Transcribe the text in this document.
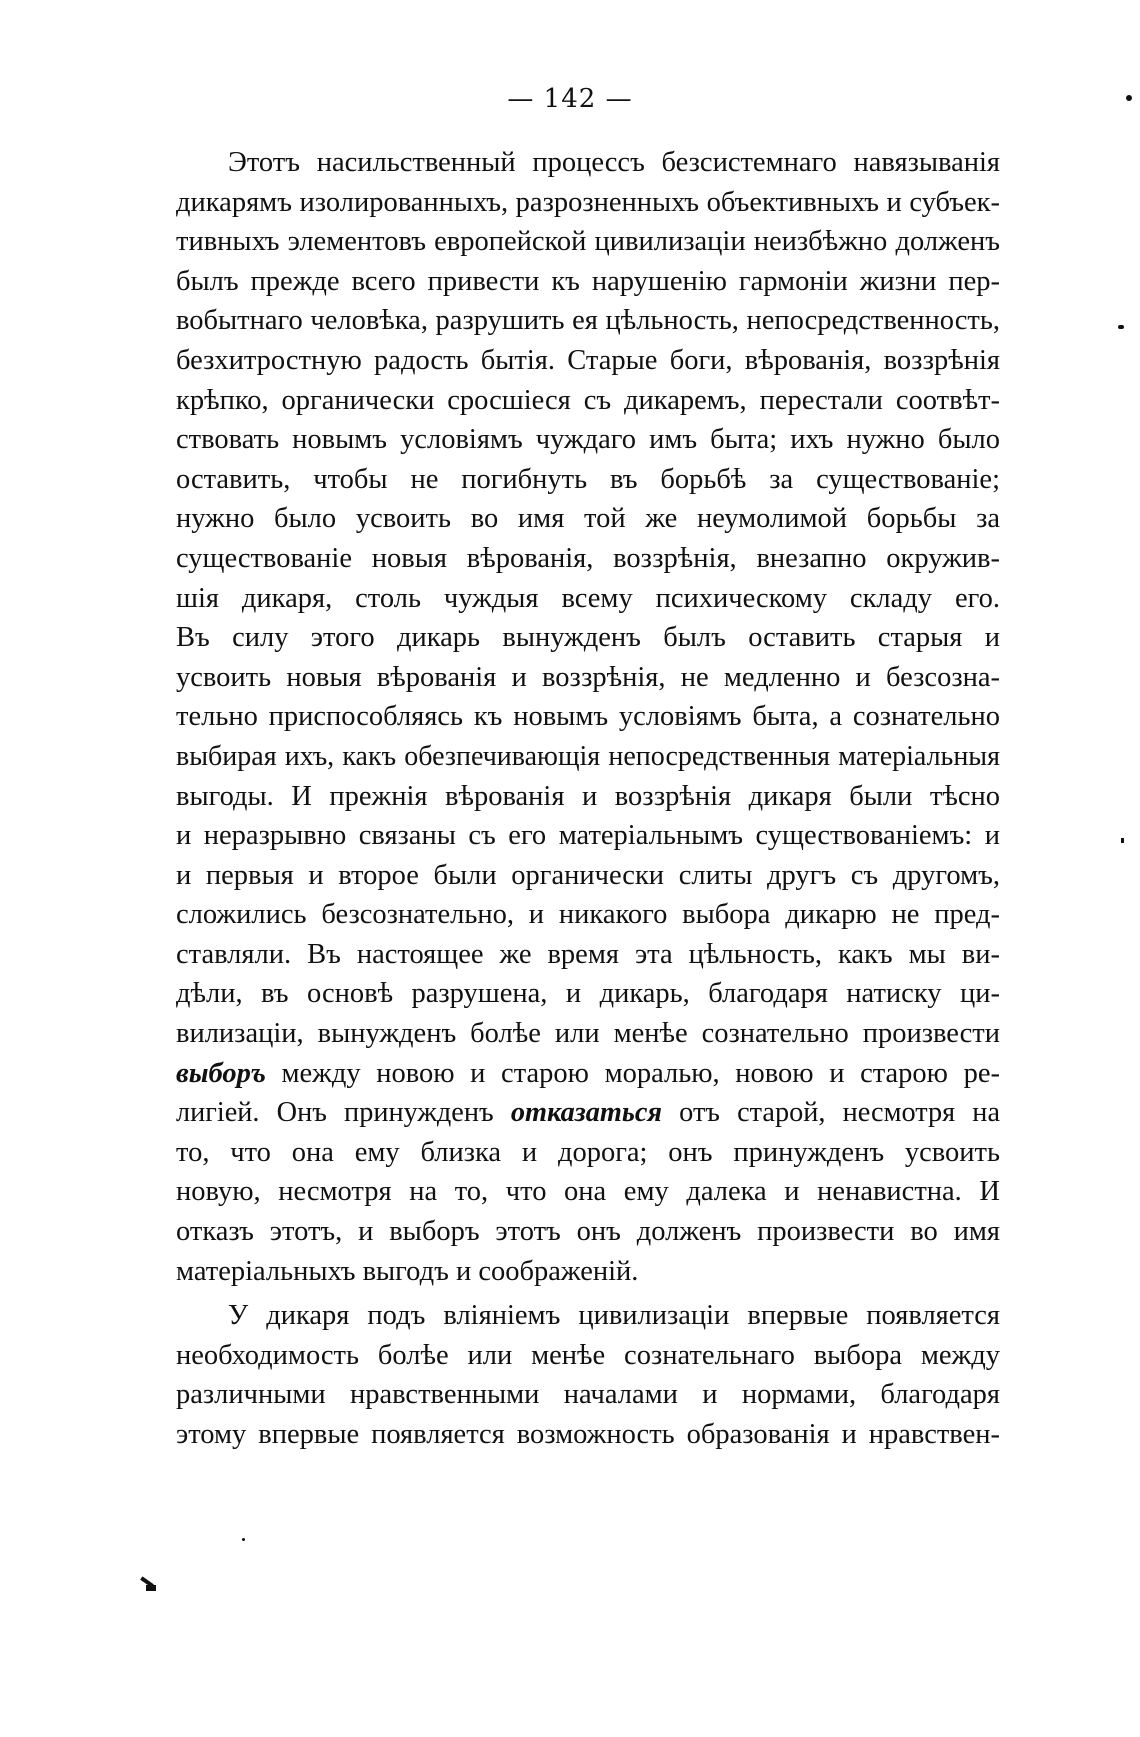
— 142 —

Этотъ насильственный процессъ безсистемнаго навязыванія
дикарямъ изолированныхъ, разрозненныхъ объективныхъ и субъек-
тивныхъ элементовъ европейской цивилизаціи неизбѣжно долженъ
былъ прежде всего привести къ нарушенію гармоніи жизни пер-
вобытнаго человѣка, разрушить ея цѣльность, непосредственность,
безхитростную радость бытія. Старые боги, вѣрованія, воззрѣнія
крѣпко, органически сросшіеся съ дикаремъ, перестали соотвѣт-
ствовать новымъ условіямъ чуждаго имъ быта; ихъ нужно было
оставить, чтобы не погибнуть въ борьбѣ за существованіе;
нужно было усвоить во имя той же неумолимой борьбы за
существованіе новыя вѣрованія, воззрѣнія, внезапно окружив-
шія дикаря, столь чуждыя всему психическому складу его.
Въ силу этого дикарь вынужденъ былъ оставить старыя и
усвоить новыя вѣрованія и воззрѣнія, не медленно и безсозна-
тельно приспособляясь къ новымъ условіямъ быта, а сознательно
выбирая ихъ, какъ обезпечивающія непосредственныя матеріальныя
выгоды. И прежнія вѣрованія и воззрѣнія дикаря были тѣсно
и неразрывно связаны съ его матеріальнымъ существованіемъ: и
и первыя и второе были органически слиты другъ съ другомъ,
сложились безсознательно, и никакого выбора дикарю не пред-
ставляли. Въ настоящее же время эта цѣльность, какъ мы ви-
дѣли, въ основѣ разрушена, и дикарь, благодаря натиску ци-
вилизаціи, вынужденъ болѣе или менѣе сознательно произвести
выборъ между новою и старою моралью, новою и старою ре-
лигіей. Онъ принужденъ отказаться отъ старой, несмотря на
то, что она ему близка и дорога; онъ принужденъ усвоить
новую, несмотря на то, что она ему далека и ненавистна. И
отказъ этотъ, и выборъ этотъ онъ долженъ произвести во имя
матеріальныхъ выгодъ и соображеній.

У дикаря подъ вліяніемъ цивилизаціи впервые появляется
необходимость болѣе или менѣе сознательнаго выбора между
различными нравственными началами и нормами, благодаря
этому впервые появляется возможность образованія и нравствен-
